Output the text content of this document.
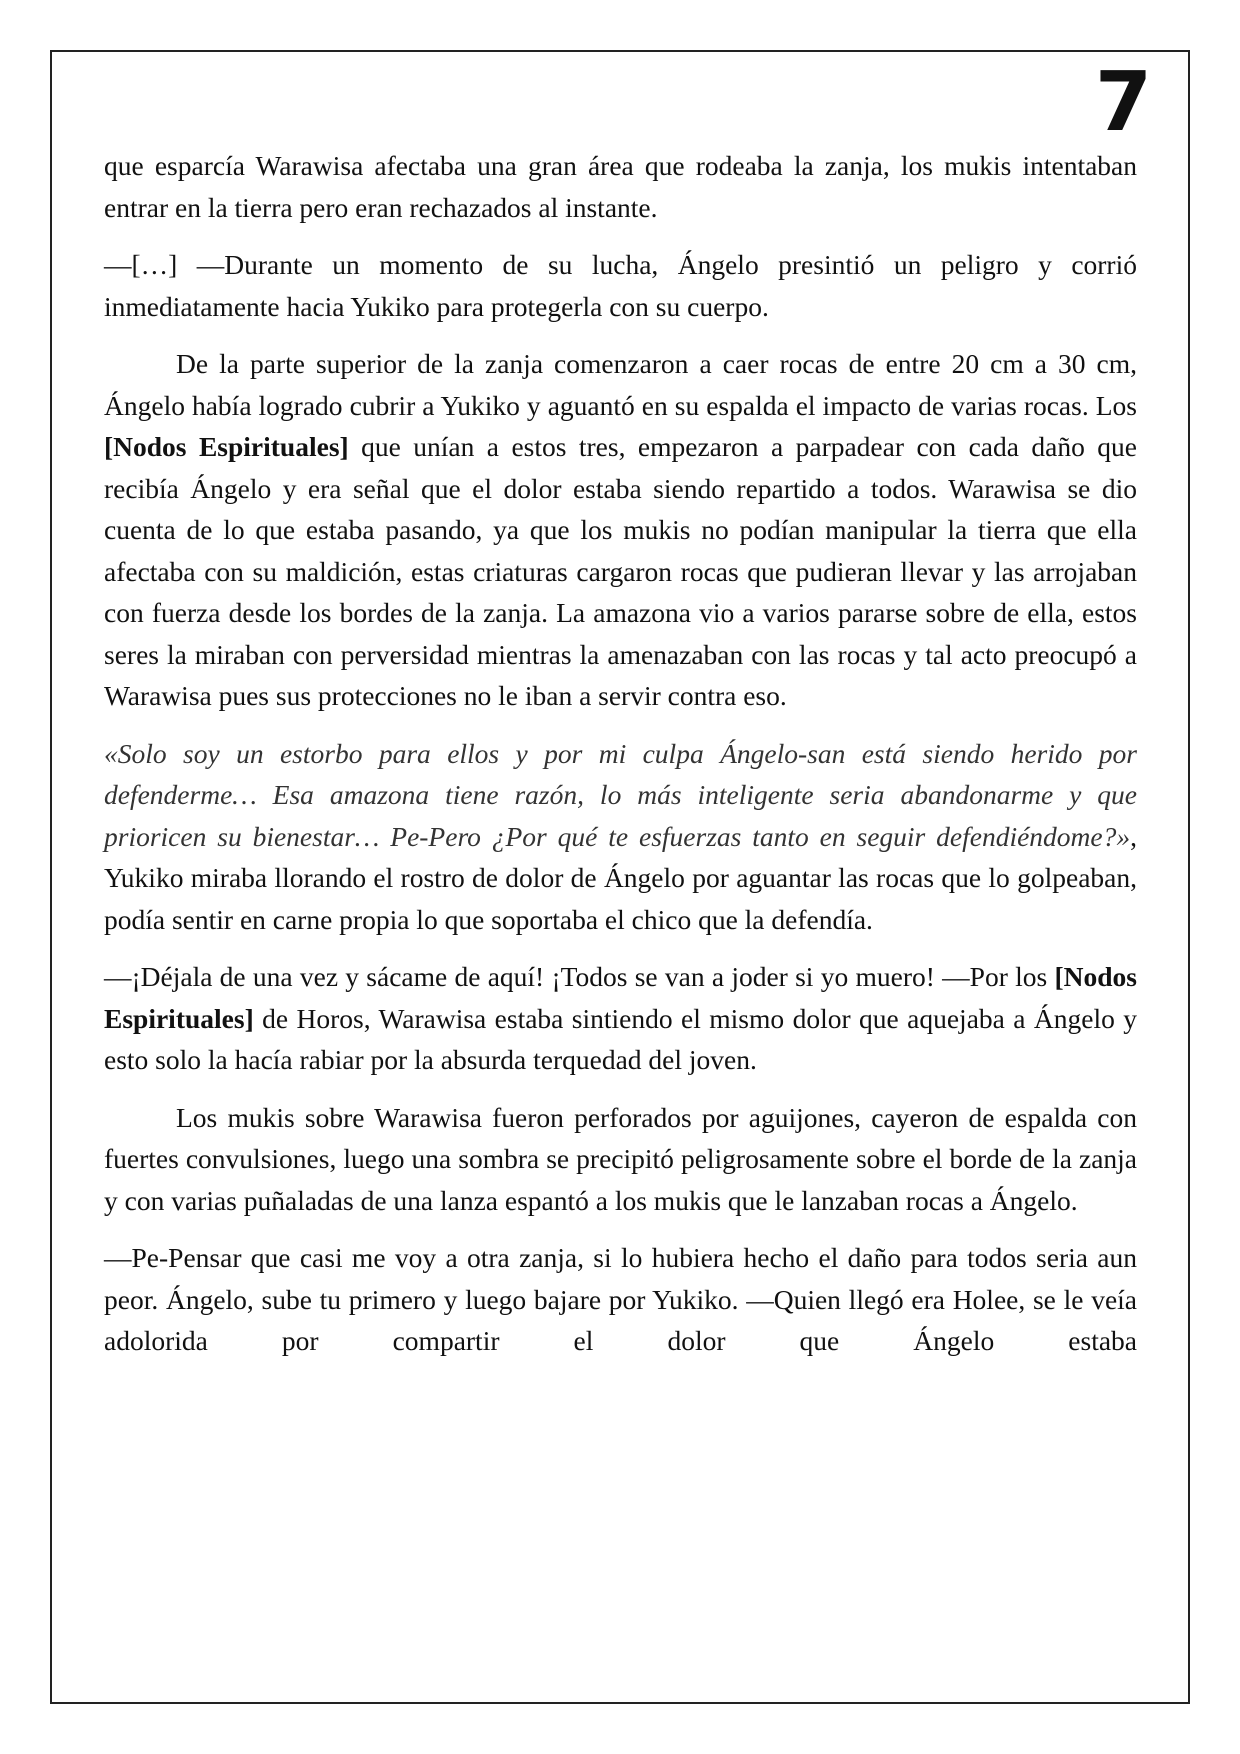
7

que esparcía Warawisa afectaba una gran área que rodeaba la zanja, los mukis intentaban entrar en la tierra pero eran rechazados al instante.

—[…] —Durante un momento de su lucha, Ángelo presintió un peligro y corrió inmediatamente hacia Yukiko para protegerla con su cuerpo.

De la parte superior de la zanja comenzaron a caer rocas de entre 20 cm a 30 cm, Ángelo había logrado cubrir a Yukiko y aguantó en su espalda el impacto de varias rocas. Los [Nodos Espirituales] que unían a estos tres, empezaron a parpadear con cada daño que recibía Ángelo y era señal que el dolor estaba siendo repartido a todos. Warawisa se dio cuenta de lo que estaba pasando, ya que los mukis no podían manipular la tierra que ella afectaba con su maldición, estas criaturas cargaron rocas que pudieran llevar y las arrojaban con fuerza desde los bordes de la zanja. La amazona vio a varios pararse sobre de ella, estos seres la miraban con perversidad mientras la amenazaban con las rocas y tal acto preocupó a Warawisa pues sus protecciones no le iban a servir contra eso.

«Solo soy un estorbo para ellos y por mi culpa Ángelo-san está siendo herido por defenderme… Esa amazona tiene razón, lo más inteligente seria abandonarme y que prioricen su bienestar… Pe-Pero ¿Por qué te esfuerzas tanto en seguir defendiéndome?», Yukiko miraba llorando el rostro de dolor de Ángelo por aguantar las rocas que lo golpeaban, podía sentir en carne propia lo que soportaba el chico que la defendía.

—¡Déjala de una vez y sácame de aquí! ¡Todos se van a joder si yo muero! —Por los [Nodos Espirituales] de Horos, Warawisa estaba sintiendo el mismo dolor que aquejaba a Ángelo y esto solo la hacía rabiar por la absurda terquedad del joven.

Los mukis sobre Warawisa fueron perforados por aguijones, cayeron de espalda con fuertes convulsiones, luego una sombra se precipitó peligrosamente sobre el borde de la zanja y con varias puñaladas de una lanza espantó a los mukis que le lanzaban rocas a Ángelo.

—Pe-Pensar que casi me voy a otra zanja, si lo hubiera hecho el daño para todos seria aun peor. Ángelo, sube tu primero y luego bajare por Yukiko. —Quien llegó era Holee, se le veía adolorida por compartir el dolor que Ángelo estaba
